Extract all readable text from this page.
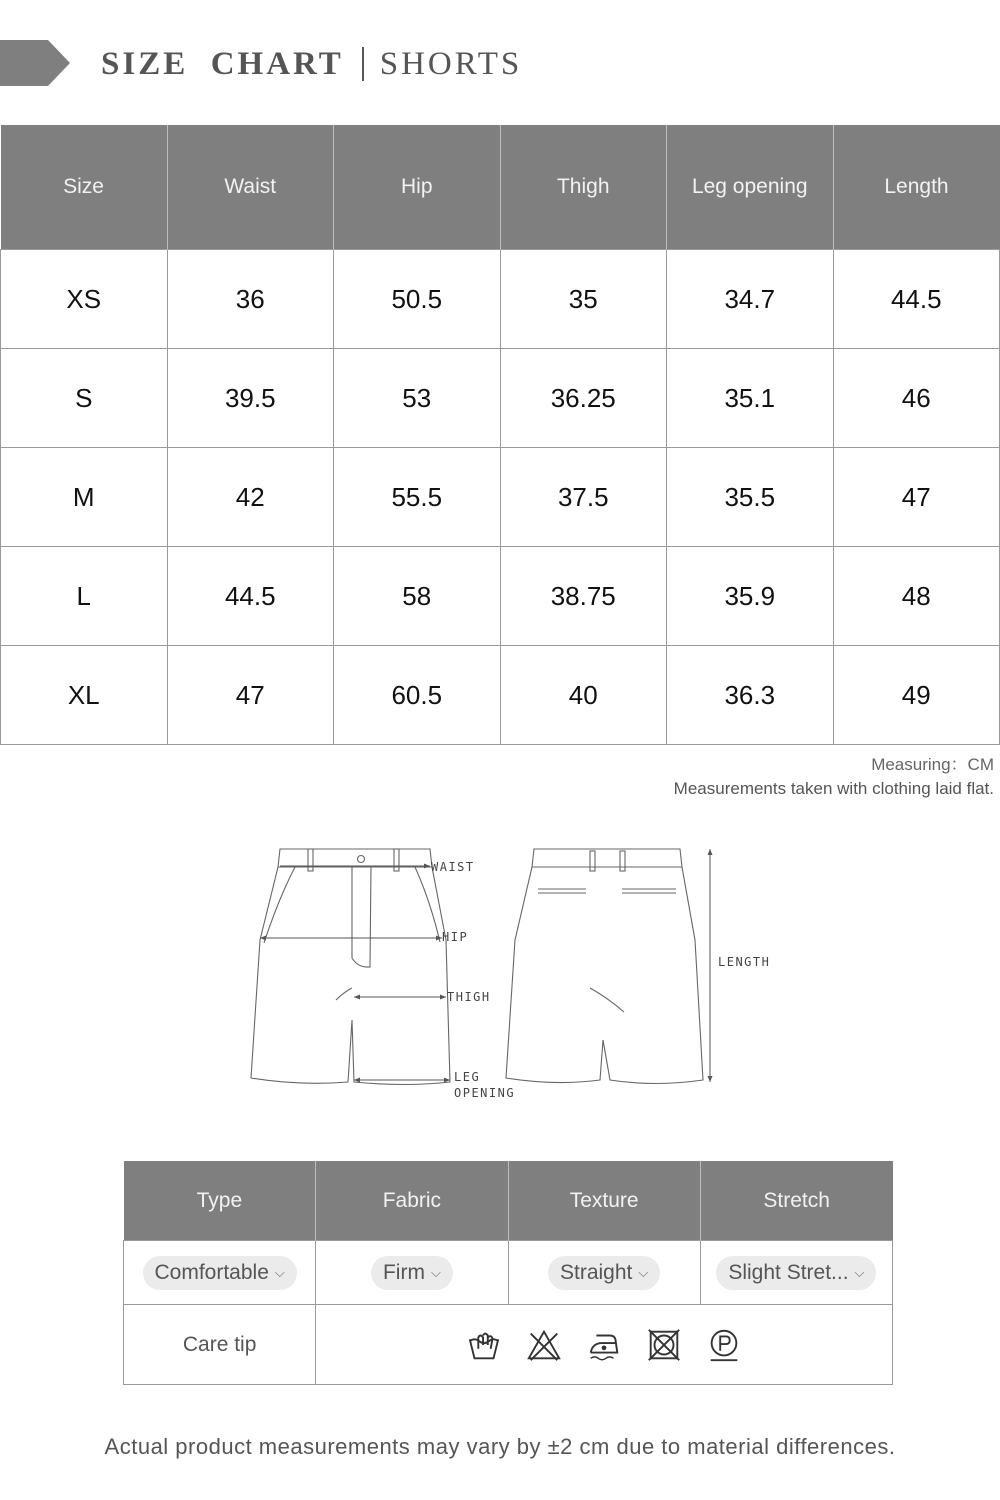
SIZE  CHART SHORTS
Size	Waist	Hip	Thigh	Leg opening	Length
XS	36	50.5	35	34.7	44.5
S	39.5	53	36.25	35.1	46
M	42	55.5	37.5	35.5	47
L	44.5	58	38.75	35.9	48
XL	47	60.5	40	36.3	49
Measuring：CM
Measurements taken with clothing laid flat.
WAIST
HIP
THIGH
LEG
OPENING
LENGTH
Type	Fabric	Texture	Stretch

Comfortable ⌵	Firm ⌵	Straight ⌵	Slight Stret... ⌵

Care tip	
Actual product measurements may vary by ±2 cm due to material differences.
